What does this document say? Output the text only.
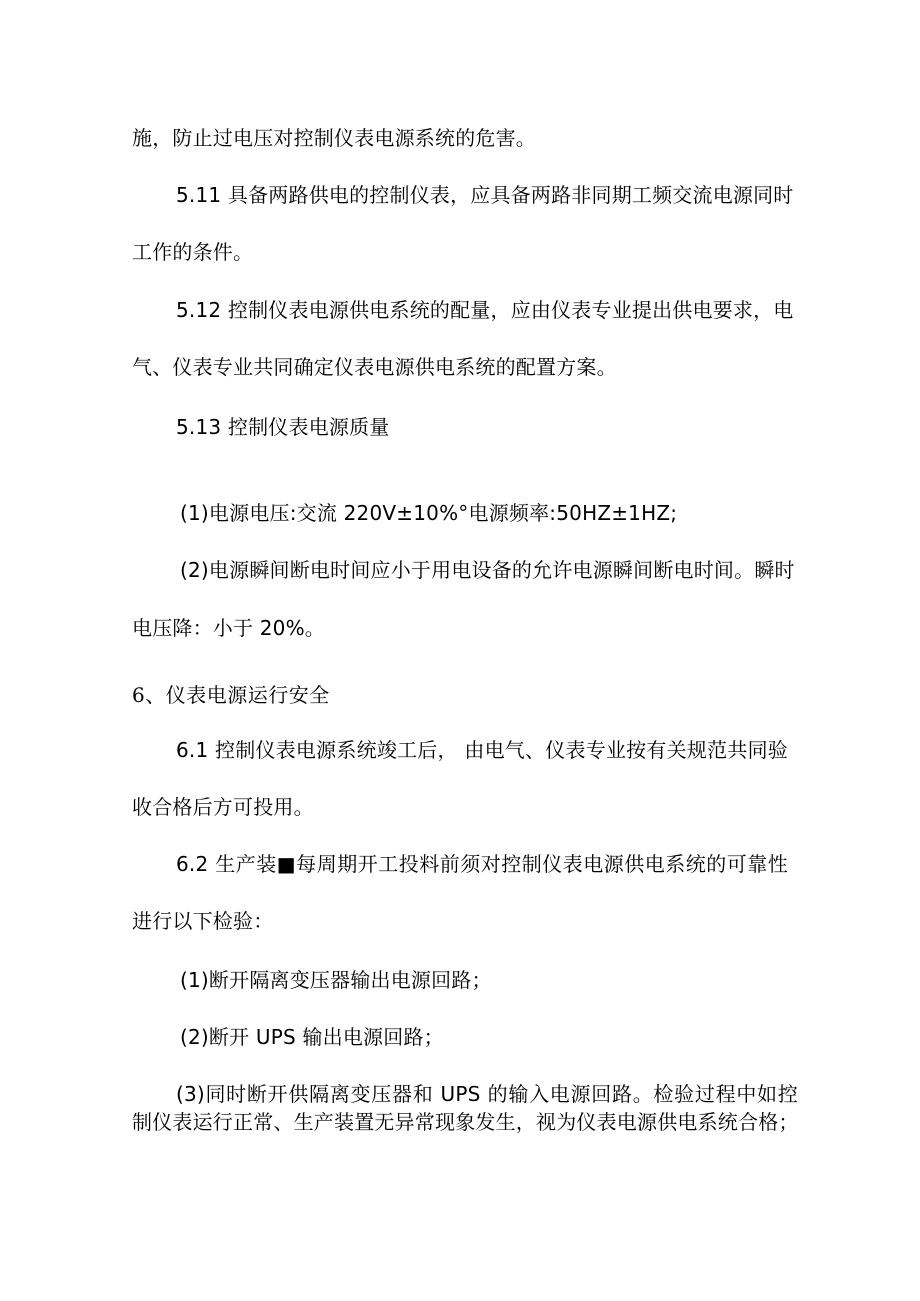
施，防止过电压对控制仪表电源系统的危害。
5.11 具备两路供电的控制仪表，应具备两路非同期工频交流电源同时
工作的条件。
5.12 控制仪表电源供电系统的配量，应由仪表专业提出供电要求，电
气、仪表专业共同确定仪表电源供电系统的配置方案。
5.13 控制仪表电源质量
(1)电源电压:交流 220V±10%°电源频率:50HZ±1HZ;
(2)电源瞬间断电时间应小于用电设备的允许电源瞬间断电时间。瞬时
电压降：小于 20%。
6、仪表电源运行安全
6.1 控制仪表电源系统竣工后， 由电气、仪表专业按有关规范共同验
收合格后方可投用。
6.2 生产装■每周期开工投料前须对控制仪表电源供电系统的可靠性
进行以下检验：
(1)断开隔离变压器输出电源回路；
(2)断开 UPS 输出电源回路；
(3)同时断开供隔离变压器和 UPS 的输入电源回路。检验过程中如控
制仪表运行正常、生产装置无异常现象发生，视为仪表电源供电系统合格；
